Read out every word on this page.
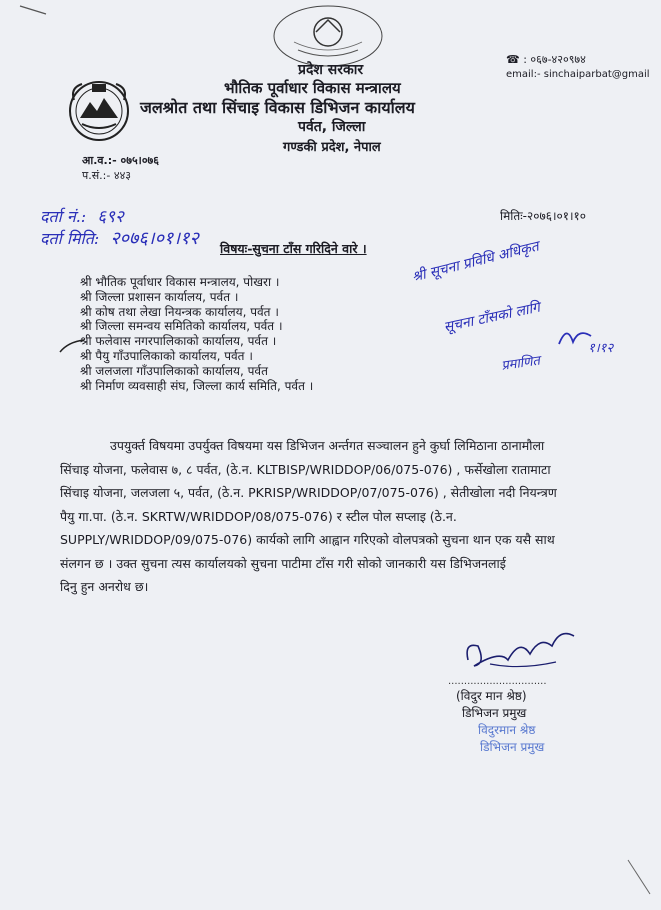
प्रदेश सरकार
भौतिक पूर्वाधार विकास मन्त्रालय
जलश्रोत तथा सिंचाइ विकास डिभिजन कार्यालय
पर्वत, जिल्ला
गण्डकी प्रदेश, नेपाल
☎ : ०६७-४२०९७४
email:- sinchaiparbat@gmail
आ.व.:- ०७५।०७६
प.सं.:- ४४३
मितिः-२०७६।०१।१०
दर्ता नं.: ६९२
दर्ता मिति: २०७६।०१।१२ विषयः-सुचना टाँस गरिदिने वारे ।
श्री भौतिक पूर्वाधार विकास मन्त्रालय, पोखरा ।
श्री जिल्ला प्रशासन कार्यालय, पर्वत ।
श्री कोष तथा लेखा नियन्त्रक कार्यालय, पर्वत ।
श्री जिल्ला समन्वय समितिको कार्यालय, पर्वत ।
श्री फलेवास नगरपालिकाको कार्यालय, पर्वत ।
श्री पैयु गाँउपालिकाको कार्यालय, पर्वत ।
श्री जलजला गाँउपालिकाको कार्यालय, पर्वत
श्री निर्माण व्यवसाही संघ, जिल्ला कार्य समिति, पर्वत ।
श्री सूचना प्रविधि अधिकृत
सूचना टाँसको लागि
प्रमाणित
१।१२
उपयुर्क्त विषयमा उपर्युक्त विषयमा यस डिभिजन अर्न्तगत सञ्चालन हुने कुर्घा लिमिठाना ठानामौला
सिंचाइ योजना, फलेवास ७, ८ पर्वत, (ठे.न. KLTBISP/WRIDDOP/06/075-076) , फर्सेखोला रातामाटा
सिंचाइ योजना, जलजला ५, पर्वत, (ठे.न. PKRISP/WRIDDOP/07/075-076) , सेतीखोला नदी नियन्त्रण
पैयु गा.पा. (ठे.न. SKRTW/WRIDDOP/08/075-076) र स्टील पोल सप्लाइ (ठे.न.
SUPPLY/WRIDDOP/09/075-076) कार्यको लागि आह्वान गरिएको वोलपत्रको सुचना थान एक यसै साथ
संलगन छ । उक्त सुचना त्यस कार्यालयको सुचना पाटीमा टाँस गरी सोको जानकारी यस डिभिजनलाई
दिनु हुन अनरोध छ।
...............................
(विदुर मान श्रेष्ठ)
डिभिजन प्रमुख
विदुरमान श्रेष्ठ
डिभिजन प्रमुख
